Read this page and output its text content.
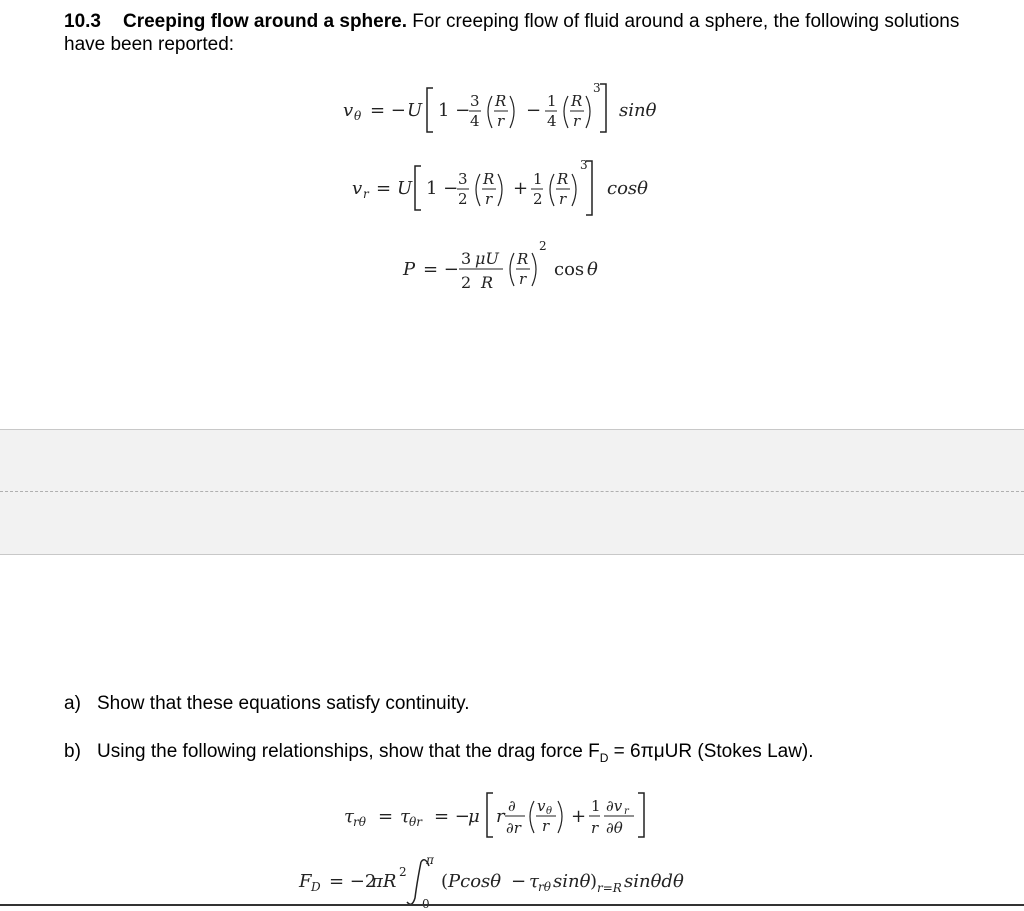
10.3 Creeping flow around a sphere. For creeping flow of fluid around a sphere, the following solutions have been reported:
v θ = − U 1 − 3
4
R
r − 1
4
R
r
3
sinθ
v r = U 1 − 3
2
R
r + 1
2
R
r
3
cosθ
P = −
3 μU
2 R
R
r
2
cos θ
a) Show that these equations satisfy continuity.
b) Using the following relationships, show that the drag force $F_D = 6\pi\mu UR$ (Stokes Law).
τ rθ = τ θr = −
μ r ∂
∂r
v θ
r + 1
r
∂v r
∂θ
F D = −2
πR 2
π
( Pcosθ − τ rθ sinθ ) r=R sinθdθ
